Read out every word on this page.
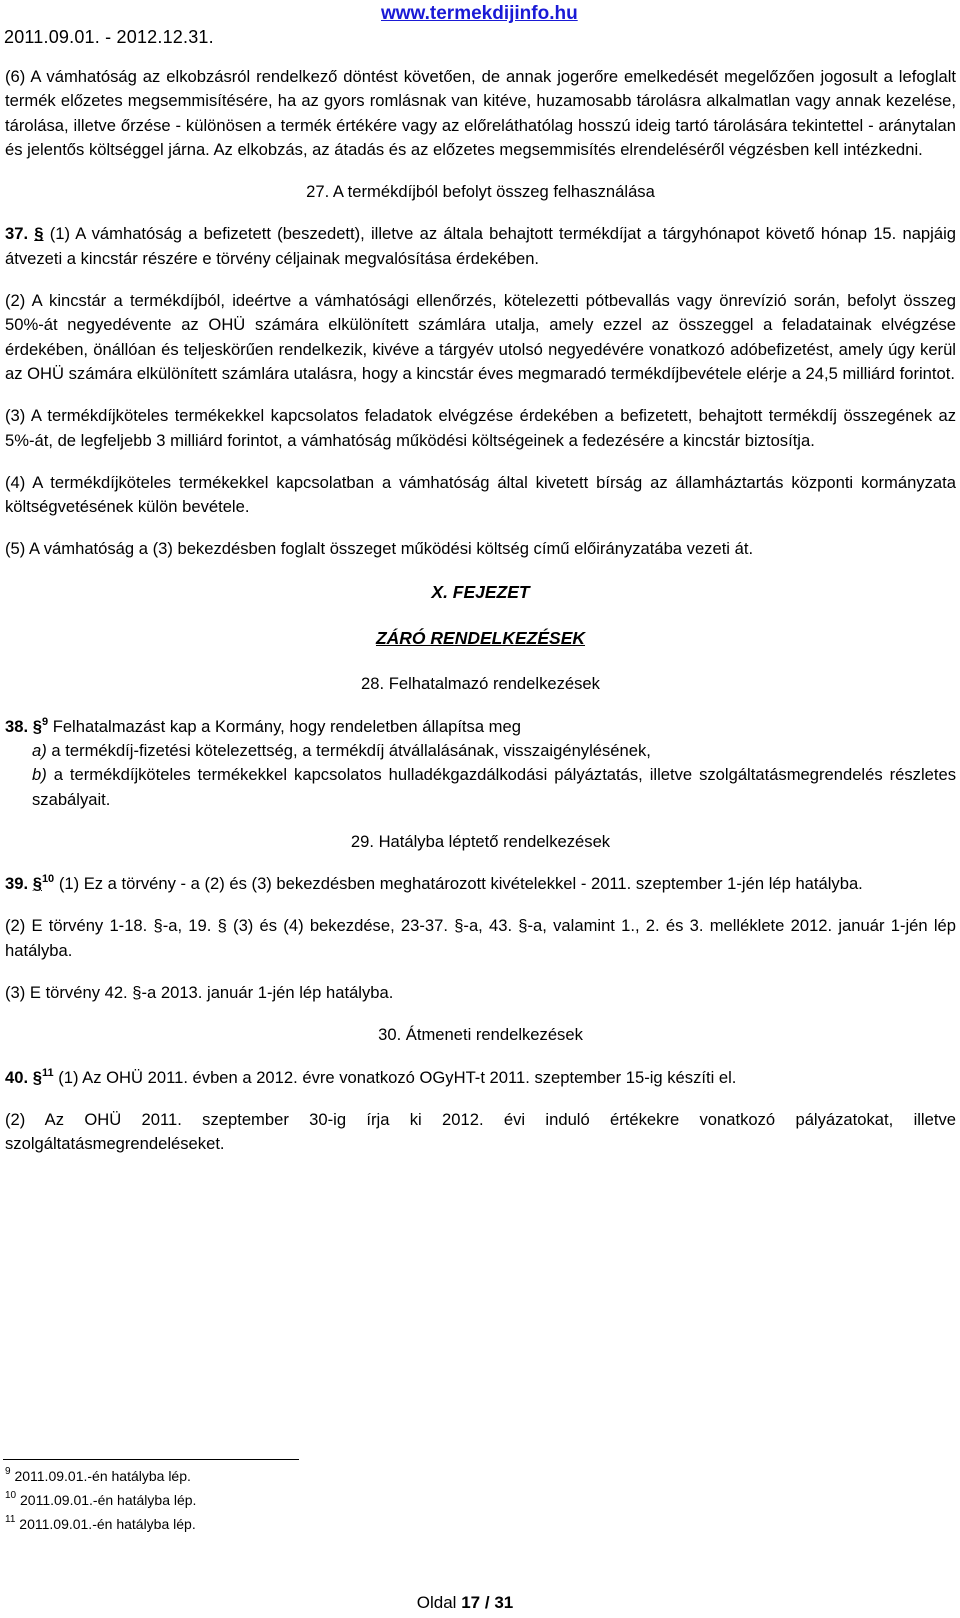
2011.09.01. - 2012.12.31.
www.termekdijinfo.hu

(6) A vámhatóság az elkobzásról rendelkező döntést követően, de annak jogerőre emelkedését megelőzően jogosult a lefoglalt termék előzetes megsemmisítésére, ha az gyors romlásnak van kitéve, huzamosabb tárolásra alkalmatlan vagy annak kezelése, tárolása, illetve őrzése - különösen a termék értékére vagy az előreláthatólag hosszú ideig tartó tárolására tekintettel - aránytalan és jelentős költséggel járna. Az elkobzás, az átadás és az előzetes megsemmisítés elrendeléséről végzésben kell intézkedni.

27. A termékdíjból befolyt összeg felhasználása

37. § (1) A vámhatóság a befizetett (beszedett), illetve az általa behajtott termékdíjat a tárgyhónapot követő hónap 15. napjáig átvezeti a kincstár részére e törvény céljainak megvalósítása érdekében.

(2) A kincstár a termékdíjból, ideértve a vámhatósági ellenőrzés, kötelezetti pótbevallás vagy önrevízió során, befolyt összeg 50%-át negyedévente az OHÜ számára elkülönített számlára utalja, amely ezzel az összeggel a feladatainak elvégzése érdekében, önállóan és teljeskörűen rendelkezik, kivéve a tárgyév utolsó negyedévére vonatkozó adóbefizetést, amely úgy kerül az OHÜ számára elkülönített számlára utalásra, hogy a kincstár éves megmaradó termékdíjbevétele elérje a 24,5 milliárd forintot.

(3) A termékdíjköteles termékekkel kapcsolatos feladatok elvégzése érdekében a befizetett, behajtott termékdíj összegének az 5%-át, de legfeljebb 3 milliárd forintot, a vámhatóság működési költségeinek a fedezésére a kincstár biztosítja.

(4) A termékdíjköteles termékekkel kapcsolatban a vámhatóság által kivetett bírság az államháztartás központi kormányzata költségvetésének külön bevétele.

(5) A vámhatóság a (3) bekezdésben foglalt összeget működési költség című előirányzatába vezeti át.

X. FEJEZET

ZÁRÓ RENDELKEZÉSEK

28. Felhatalmazó rendelkezések

38. §$^9$ Felhatalmazást kap a Kormány, hogy rendeletben állapítsa meg

a) a termékdíj-fizetési kötelezettség, a termékdíj átvállalásának, visszaigénylésének,

b) a termékdíjköteles termékekkel kapcsolatos hulladékgazdálkodási pályáztatás, illetve szolgáltatásmegrendelés részletes szabályait.

29. Hatályba léptető rendelkezések

39. §$^{10}$ (1) Ez a törvény - a (2) és (3) bekezdésben meghatározott kivételekkel - 2011. szeptember 1-jén lép hatályba.

(2) E törvény 1-18. §-a, 19. § (3) és (4) bekezdése, 23-37. §-a, 43. §-a, valamint 1., 2. és 3. melléklete 2012. január 1-jén lép hatályba.

(3) E törvény 42. §-a 2013. január 1-jén lép hatályba.

30. Átmeneti rendelkezések

40. §$^{11}$ (1) Az OHÜ 2011. évben a 2012. évre vonatkozó OGyHT-t 2011. szeptember 15-ig készíti el.

(2) Az OHÜ 2011. szeptember 30-ig írja ki 2012. évi induló értékekre vonatkozó pályázatokat, illetve szolgáltatásmegrendeléseket.

$^9$ 2011.09.01.-én hatályba lép.
$^{10}$ 2011.09.01.-én hatályba lép.
$^{11}$ 2011.09.01.-én hatályba lép.
Oldal 17 / 31
